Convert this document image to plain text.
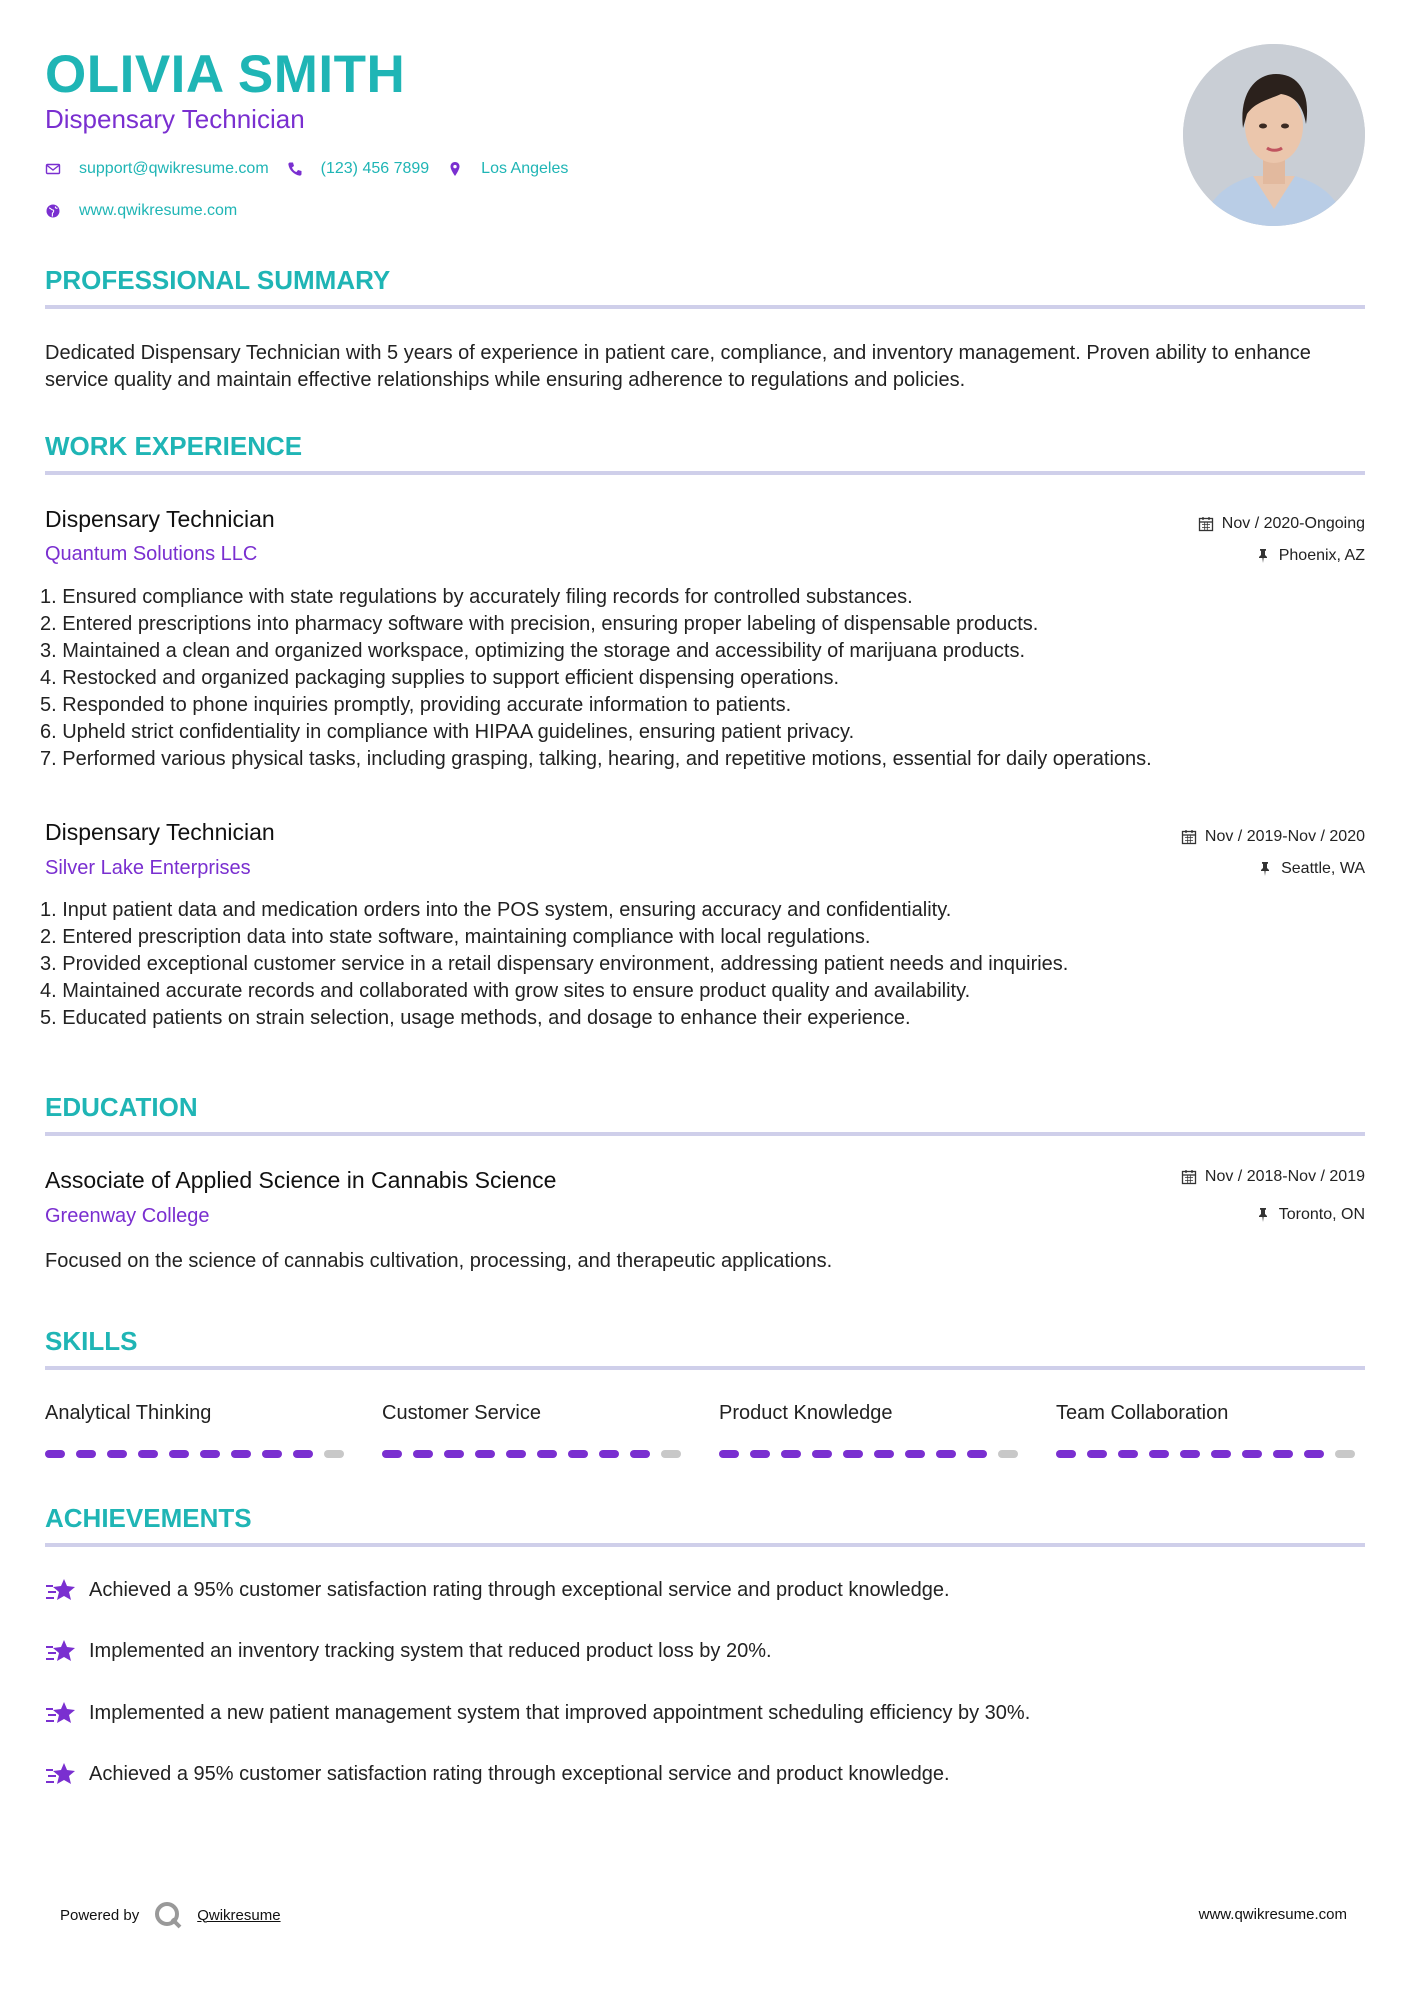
OLIVIA SMITH
Dispensary Technician
support@qwikresume.com	(123) 456 7899	Los Angeles
www.qwikresume.com
PROFESSIONAL SUMMARY
Dedicated Dispensary Technician with 5 years of experience in patient care, compliance, and inventory management. Proven ability to enhance service quality and maintain effective relationships while ensuring adherence to regulations and policies.
WORK EXPERIENCE
Dispensary Technician
Quantum Solutions LLC
Nov / 2020-Ongoing
Phoenix, AZ
1. Ensured compliance with state regulations by accurately filing records for controlled substances.
2. Entered prescriptions into pharmacy software with precision, ensuring proper labeling of dispensable products.
3. Maintained a clean and organized workspace, optimizing the storage and accessibility of marijuana products.
4. Restocked and organized packaging supplies to support efficient dispensing operations.
5. Responded to phone inquiries promptly, providing accurate information to patients.
6. Upheld strict confidentiality in compliance with HIPAA guidelines, ensuring patient privacy.
7. Performed various physical tasks, including grasping, talking, hearing, and repetitive motions, essential for daily operations.
Dispensary Technician
Silver Lake Enterprises
Nov / 2019-Nov / 2020
Seattle, WA
1. Input patient data and medication orders into the POS system, ensuring accuracy and confidentiality.
2. Entered prescription data into state software, maintaining compliance with local regulations.
3. Provided exceptional customer service in a retail dispensary environment, addressing patient needs and inquiries.
4. Maintained accurate records and collaborated with grow sites to ensure product quality and availability.
5. Educated patients on strain selection, usage methods, and dosage to enhance their experience.
EDUCATION
Associate of Applied Science in Cannabis Science
Greenway College
Nov / 2018-Nov / 2019
Toronto, ON
Focused on the science of cannabis cultivation, processing, and therapeutic applications.
SKILLS
Analytical Thinking	Customer Service	Product Knowledge	Team Collaboration
ACHIEVEMENTS
Achieved a 95% customer satisfaction rating through exceptional service and product knowledge.
Implemented an inventory tracking system that reduced product loss by 20%.
Implemented a new patient management system that improved appointment scheduling efficiency by 30%.
Achieved a 95% customer satisfaction rating through exceptional service and product knowledge.
Powered by	Qwikresume	www.qwikresume.com
